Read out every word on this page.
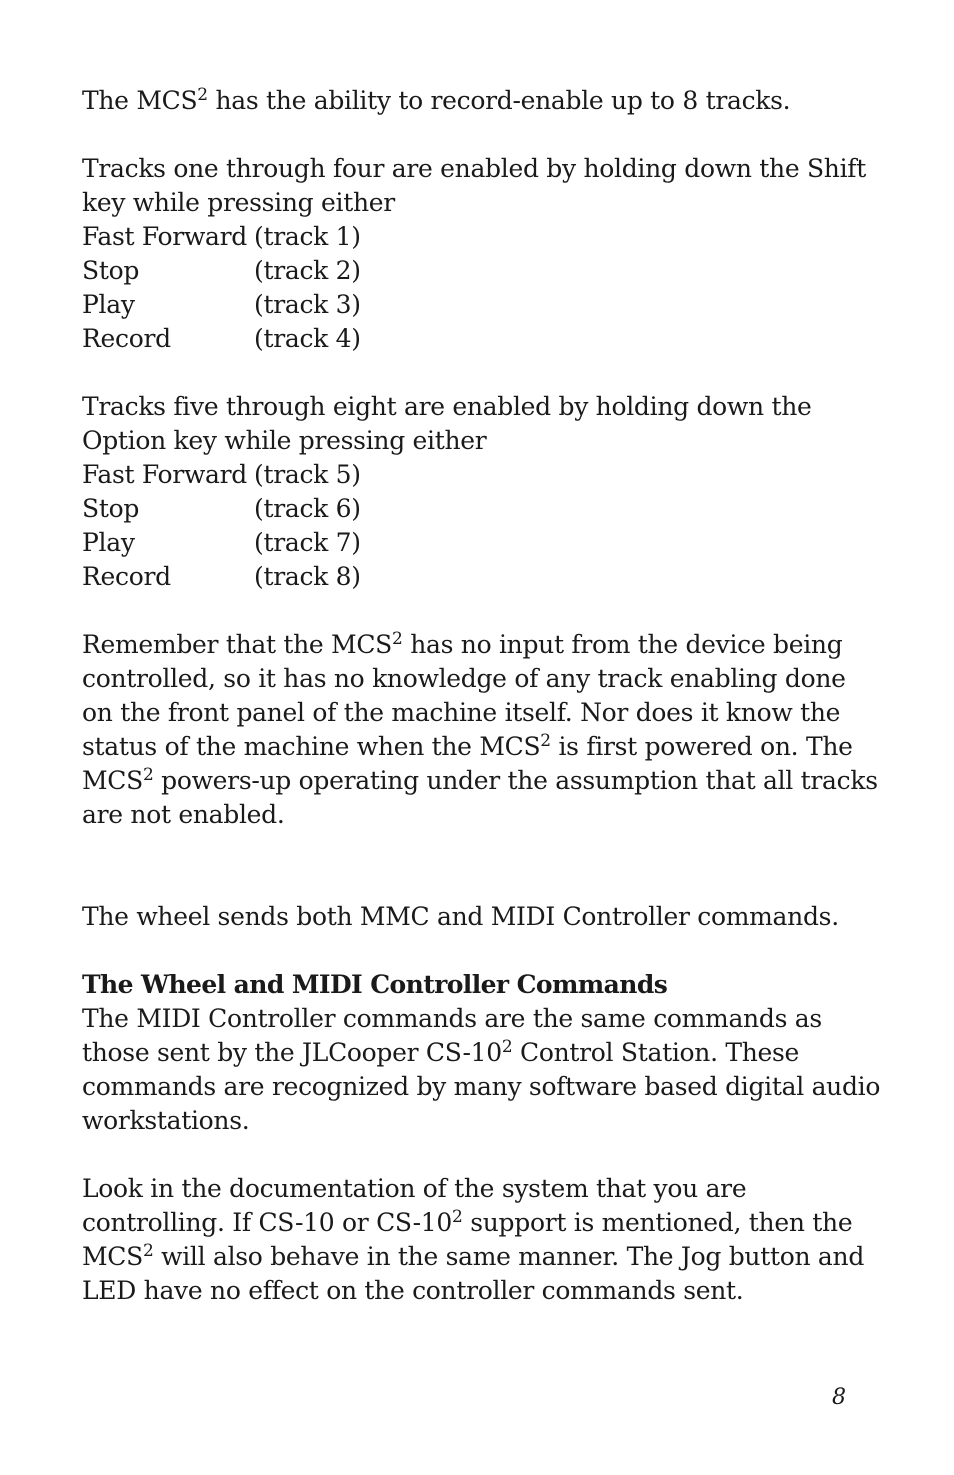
The MCS$^2$ has the ability to record-enable up to 8 tracks.

Tracks one through four are enabled by holding down the Shift key while pressing either

Fast Forward (track 1)
Stop	(track 2)
Play	(track 3)
Record	(track 4)

Tracks five through eight are enabled by holding down the Option key while pressing either

Fast Forward (track 5)
Stop	(track 6)
Play	(track 7)
Record	(track 8)

Remember that the MCS$^2$ has no input from the device being controlled, so it has no knowledge of any track enabling done on the front panel of the machine itself. Nor does it know the status of the machine when the MCS$^2$ is first powered on. The MCS$^2$ powers-up operating under the assumption that all tracks are not enabled.

The wheel sends both MMC and MIDI Controller commands.

The Wheel and MIDI Controller Commands

The MIDI Controller commands are the same commands as those sent by the JLCooper $CS-10^2$ Control Station. These commands are recognized by many software based digital audio workstations.

Look in the documentation of the system that you are controlling. If CS-10 or $CS-10^2$ support is mentioned, then the MCS$^2$ will also behave in the same manner. The Jog button and LED have no effect on the controller commands sent.

8
